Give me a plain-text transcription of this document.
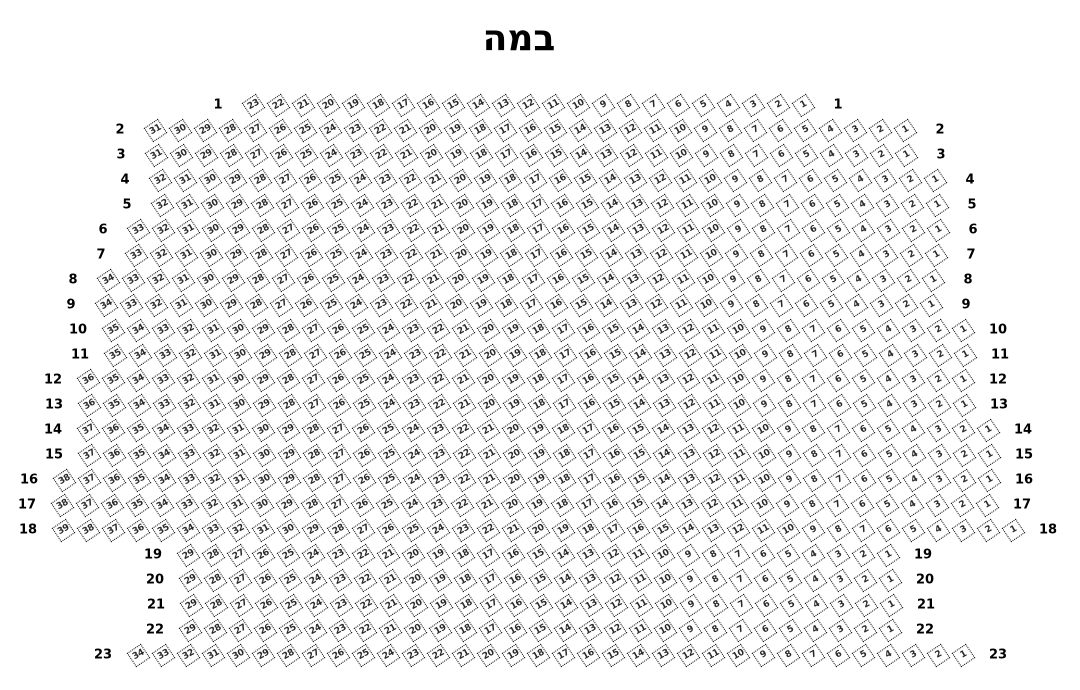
במה
1	23 22 21 20 19 18 17 16 15 14 13 12 11 10 9 8 7 6 5 4 3 2 1 1
2	31 30 29 28 27 26 25 24 23 22 21 20 19 18 17 16 15 14 13 12 11 10 9 8 7 6 5 4 3 2 1 2
3	31 30 29 28 27 26 25 24 23 22 21 20 19 18 17 16 15 14 13 12 11 10 9 8 7 6 5 4 3 2 1 3
4	32 31 30 29 28 27 26 25 24 23 22 21 20 19 18 17 16 15 14 13 12 11 10 9 8 7 6 5 4 3 2 1 4
5	32 31 30 29 28 27 26 25 24 23 22 21 20 19 18 17 16 15 14 13 12 11 10 9 8 7 6 5 4 3 2 1 5
6	33 32 31 30 29 28 27 26 25 24 23 22 21 20 19 18 17 16 15 14 13 12 11 10 9 8 7 6 5 4 3 2 1 6
7	33 32 31 30 29 28 27 26 25 24 23 22 21 20 19 18 17 16 15 14 13 12 11 10 9 8 7 6 5 4 3 2 1 7
8	34 33 32 31 30 29 28 27 26 25 24 23 22 21 20 19 18 17 16 15 14 13 12 11 10 9 8 7 6 5 4 3 2 1 8
9	34 33 32 31 30 29 28 27 26 25 24 23 22 21 20 19 18 17 16 15 14 13 12 11 10 9 8 7 6 5 4 3 2 1 9
10 35 34 33 32 31 30 29 28 27 26 25 24 23 22 21 20 19 18 17 16 15 14 13 12 11 10 9 8 7 6 5 4 3 2 1 10
11 35 34 33 32 31 30 29 28 27 26 25 24 23 22 21 20 19 18 17 16 15 14 13 12 11 10 9 8 7 6 5 4 3 2 1 11
12 36 35 34 33 32 31 30 29 28 27 26 25 24 23 22 21 20 19 18 17 16 15 14 13 12 11 10 9 8 7 6 5 4 3 2 1 12
13 36 35 34 33 32 31 30 29 28 27 26 25 24 23 22 21 20 19 18 17 16 15 14 13 12 11 10 9 8 7 6 5 4 3 2 1 13
14 37 36 35 34 33 32 31 30 29 28 27 26 25 24 23 22 21 20 19 18 17 16 15 14 13 12 11 10 9 8 7 6 5 4 3 2 1 14
15 37 36 35 34 33 32 31 30 29 28 27 26 25 24 23 22 21 20 19 18 17 16 15 14 13 12 11 10 9 8 7 6 5 4 3 2 1 15
16 38 37 36 35 34 33 32 31 30 29 28 27 26 25 24 23 22 21 20 19 18 17 16 15 14 13 12 11 10 9 8 7 6 5 4 3 2 1 16
17 38 37 36 35 34 33 32 31 30 29 28 27 26 25 24 23 22 21 20 19 18 17 16 15 14 13 12 11 10 9 8 7 6 5 4 3 2 1 17
18 39 38 37 36 35 34 33 32 31 30 29 28 27 26 25 24 23 22 21 20 19 18 17 16 15 14 13 12 11 10 9 8 7 6 5 4 3 2 1 18
19 29 28 27 26 25 24 23 22 21 20 19 18 17 16 15 14 13 12 11 10 9 8 7 6 5 4 3 2 1 19
20 29 28 27 26 25 24 23 22 21 20 19 18 17 16 15 14 13 12 11 10 9 8 7 6 5 4 3 2 1 20
21 29 28 27 26 25 24 23 22 21 20 19 18 17 16 15 14 13 12 11 10 9 8 7 6 5 4 3 2 1 21
22 29 28 27 26 25 24 23 22 21 20 19 18 17 16 15 14 13 12 11 10 9 8 7 6 5 4 3 2 1 22
23 34 33 32 31 30 29 28 27 26 25 24 23 22 21 20 19 18 17 16 15 14 13 12 11 10 9 8 7 6 5 4 3 2 1 23
